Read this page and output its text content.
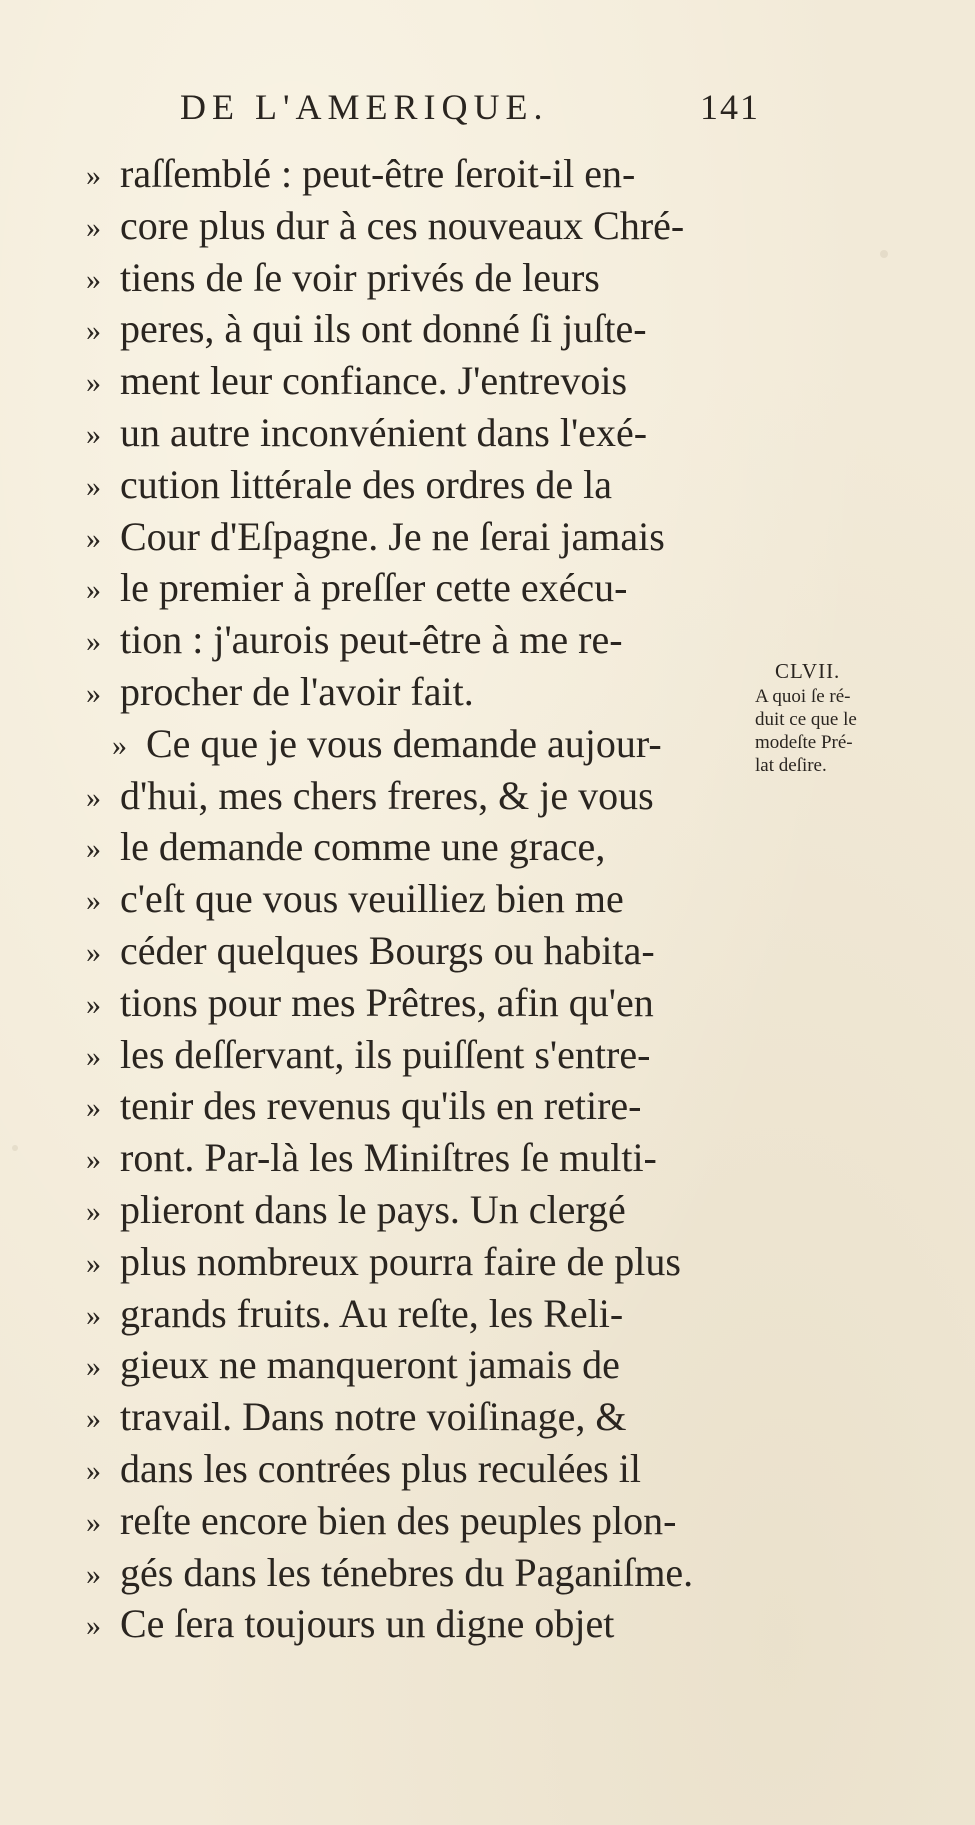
DE L'AMERIQUE.	141
» raſſemblé : peut-être ſeroit-il en-
» core plus dur à ces nouveaux Chré-
» tiens de ſe voir privés de leurs
» peres, à qui ils ont donné ſi juſte-
» ment leur confiance. J'entrevois
» un autre inconvénient dans l'exé-
» cution littérale des ordres de la
» Cour d'Eſpagne. Je ne ſerai jamais
» le premier à preſſer cette exécu-
» tion : j'aurois peut-être à me re-
» procher de l'avoir fait.
» Ce que je vous demande aujour-
» d'hui, mes chers freres, & je vous
» le demande comme une grace,
» c'eſt que vous veuilliez bien me
» céder quelques Bourgs ou habita-
» tions pour mes Prêtres, afin qu'en
» les deſſervant, ils puiſſent s'entre-
» tenir des revenus qu'ils en retire-
» ront. Par-là les Miniſtres ſe multi-
» plieront dans le pays. Un clergé
» plus nombreux pourra faire de plus
» grands fruits. Au reſte, les Reli-
» gieux ne manqueront jamais de
» travail. Dans notre voiſinage, &
» dans les contrées plus reculées il
» reſte encore bien des peuples plon-
» gés dans les ténebres du Paganiſme.
» Ce ſera toujours un digne objet
CLVII.
A quoi ſe ré-
duit ce que le
modeſte Pré-
lat deſire.
